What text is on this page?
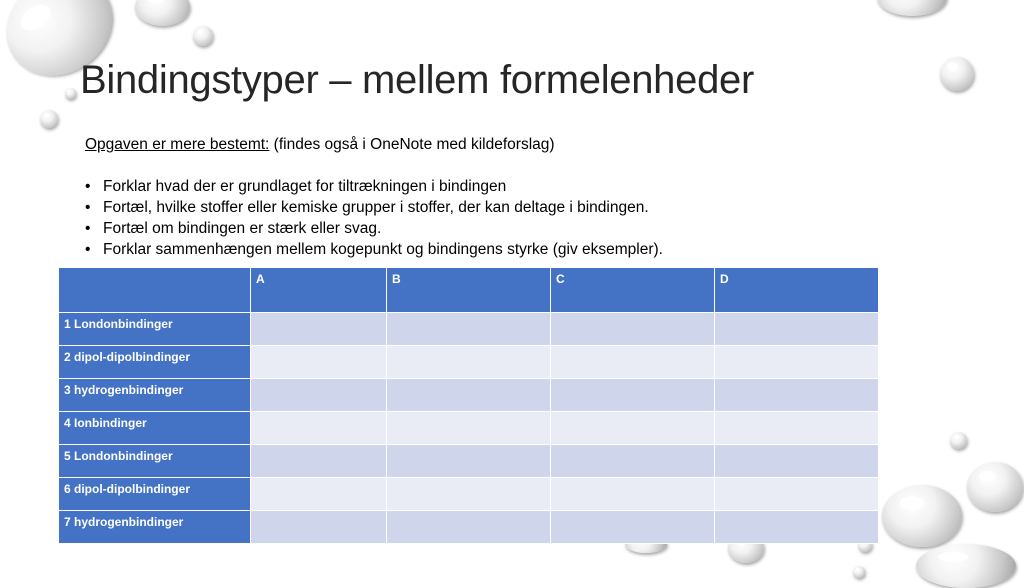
Bindingstyper – mellem formelenheder

Opgaven er mere bestemt: (findes også i OneNote med kildeforslag)

• Forklar hvad der er grundlaget for tiltrækningen i bindingen
• Fortæl, hvilke stoffer eller kemiske grupper i stoffer, der kan deltage i bindingen.
• Fortæl om bindingen er stærk eller svag.
• Forklar sammenhængen mellem kogepunkt og bindingens styrke (giv eksempler).
	A	B	C	D
1 Londonbindinger				
2 dipol-dipolbindinger				
3 hydrogenbindinger				
4 Ionbindinger				
5 Londonbindinger				
6 dipol-dipolbindinger				
7 hydrogenbindinger				
